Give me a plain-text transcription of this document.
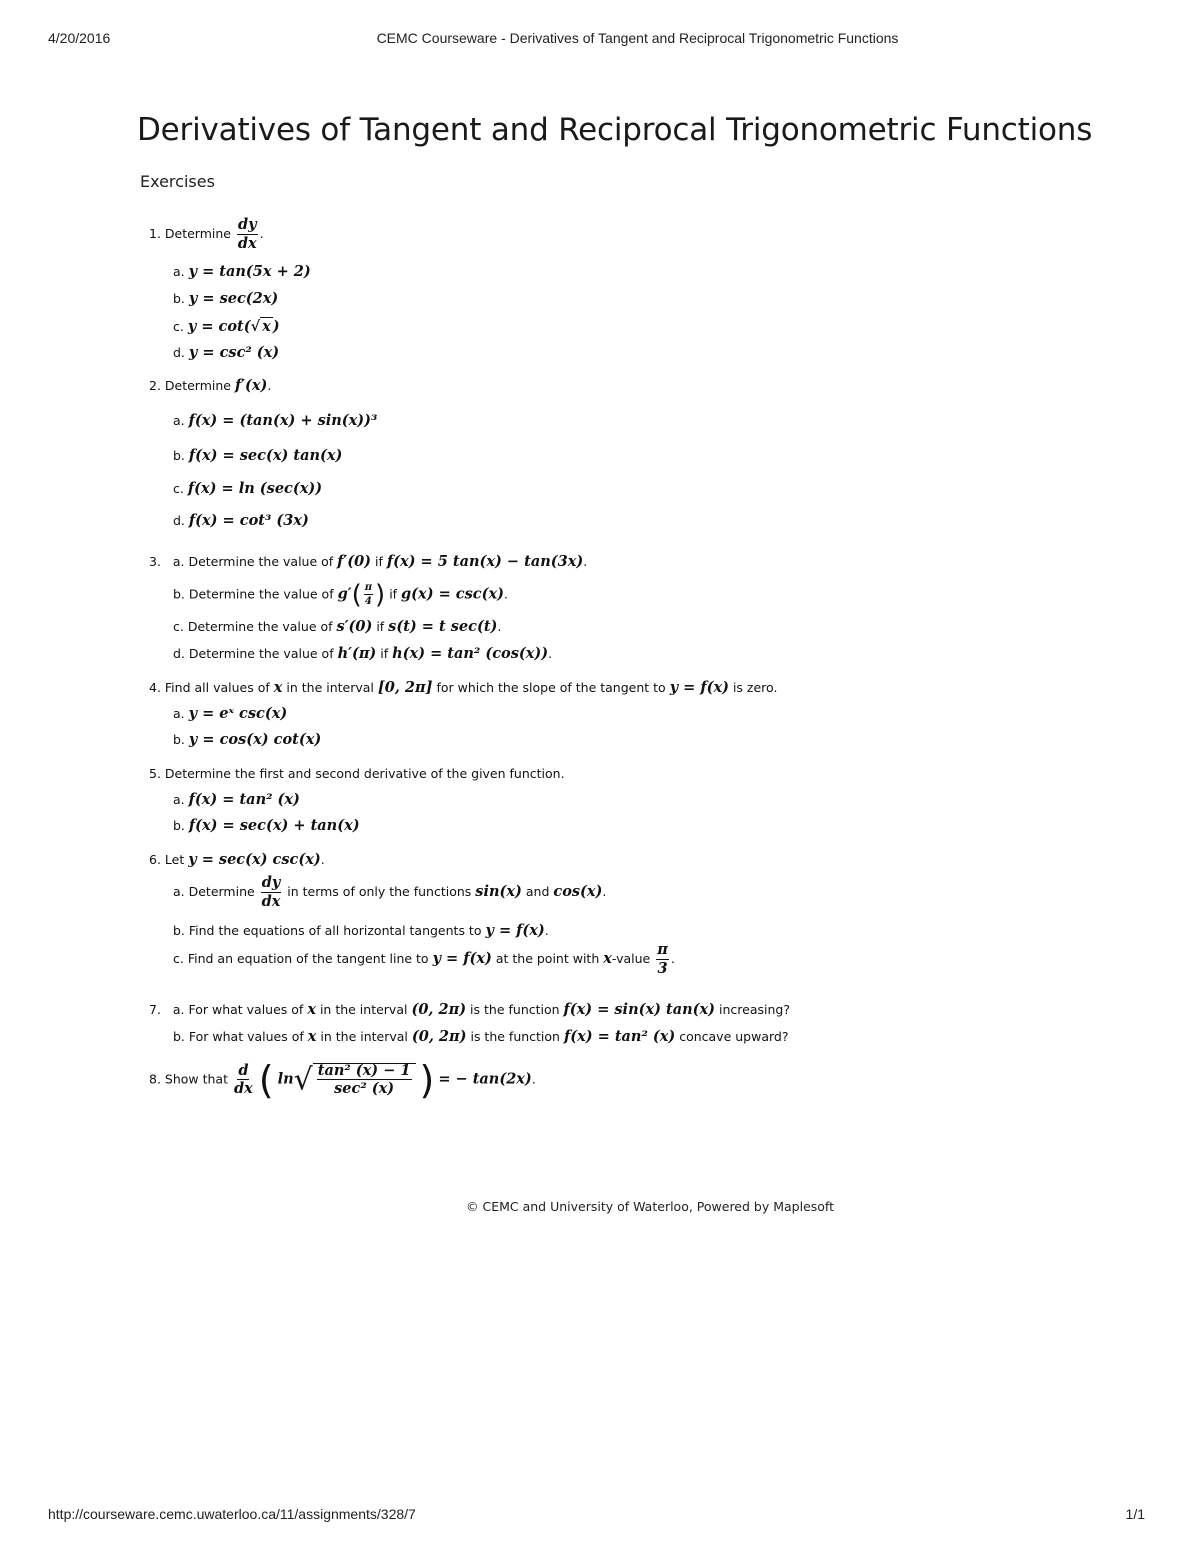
4/20/2016	CEMC Courseware - Derivatives of Tangent and Reciprocal Trigonometric Functions
Derivatives of Tangent and Reciprocal Trigonometric Functions
Exercises
1. Determine $\frac{dy}{dx}$ .
a. y = tan(5x + 2)
b. y = sec(2x)
c. y = cot(√ x )
d. y = csc² (x)
2. Determine f′(x).
a. f(x) = (tan(x) + sin(x))³
b. f(x) = sec(x) tan(x)
c. f(x) = ln (sec(x))
d. f(x) = cot³ (3x)
3. a. Determine the value of f′(0) if f(x) = 5 tan(x) − tan(3x).
b. Determine the value of $g'( \frac{\pi}{4}$ ) if g(x) = csc(x).
c. Determine the value of s′(0) if s(t) = t sec(t).
d. Determine the value of h′(π) if h(x) = tan² (cos(x)).
4. Find all values of x in the interval [0, 2π] for which the slope of the tangent to y = f(x) is zero.
a. y = eˣ csc(x)
b. y = cos(x) cot(x)
5. Determine the first and second derivative of the given function.
a. f(x) = tan² (x)
b. f(x) = sec(x) + tan(x)
6. Let y = sec(x) csc(x).
a. Determine $\frac{dy}{dx}$ in terms of only the functions sin(x) and cos(x).
b. Find the equations of all horizontal tangents to y = f(x).
c. Find an equation of the tangent line to y = f(x) at the point with x-value $\frac{\pi}{3}$ .
7. a. For what values of x in the interval (0, 2π) is the function f(x) = sin(x) tan(x) increasing?
b. For what values of x in the interval (0, 2π) is the function f(x) = tan² (x) concave upward?
8. Show that $\frac{d}{dx}$ ( $\ln√ \frac{\text{tan² (x) − 1}}{\text{sec² (x)}}$ ) = − tan(2x).
© CEMC and University of Waterloo, Powered by Maplesoft
http://courseware.cemc.uwaterloo.ca/11/assignments/328/7	1/1
